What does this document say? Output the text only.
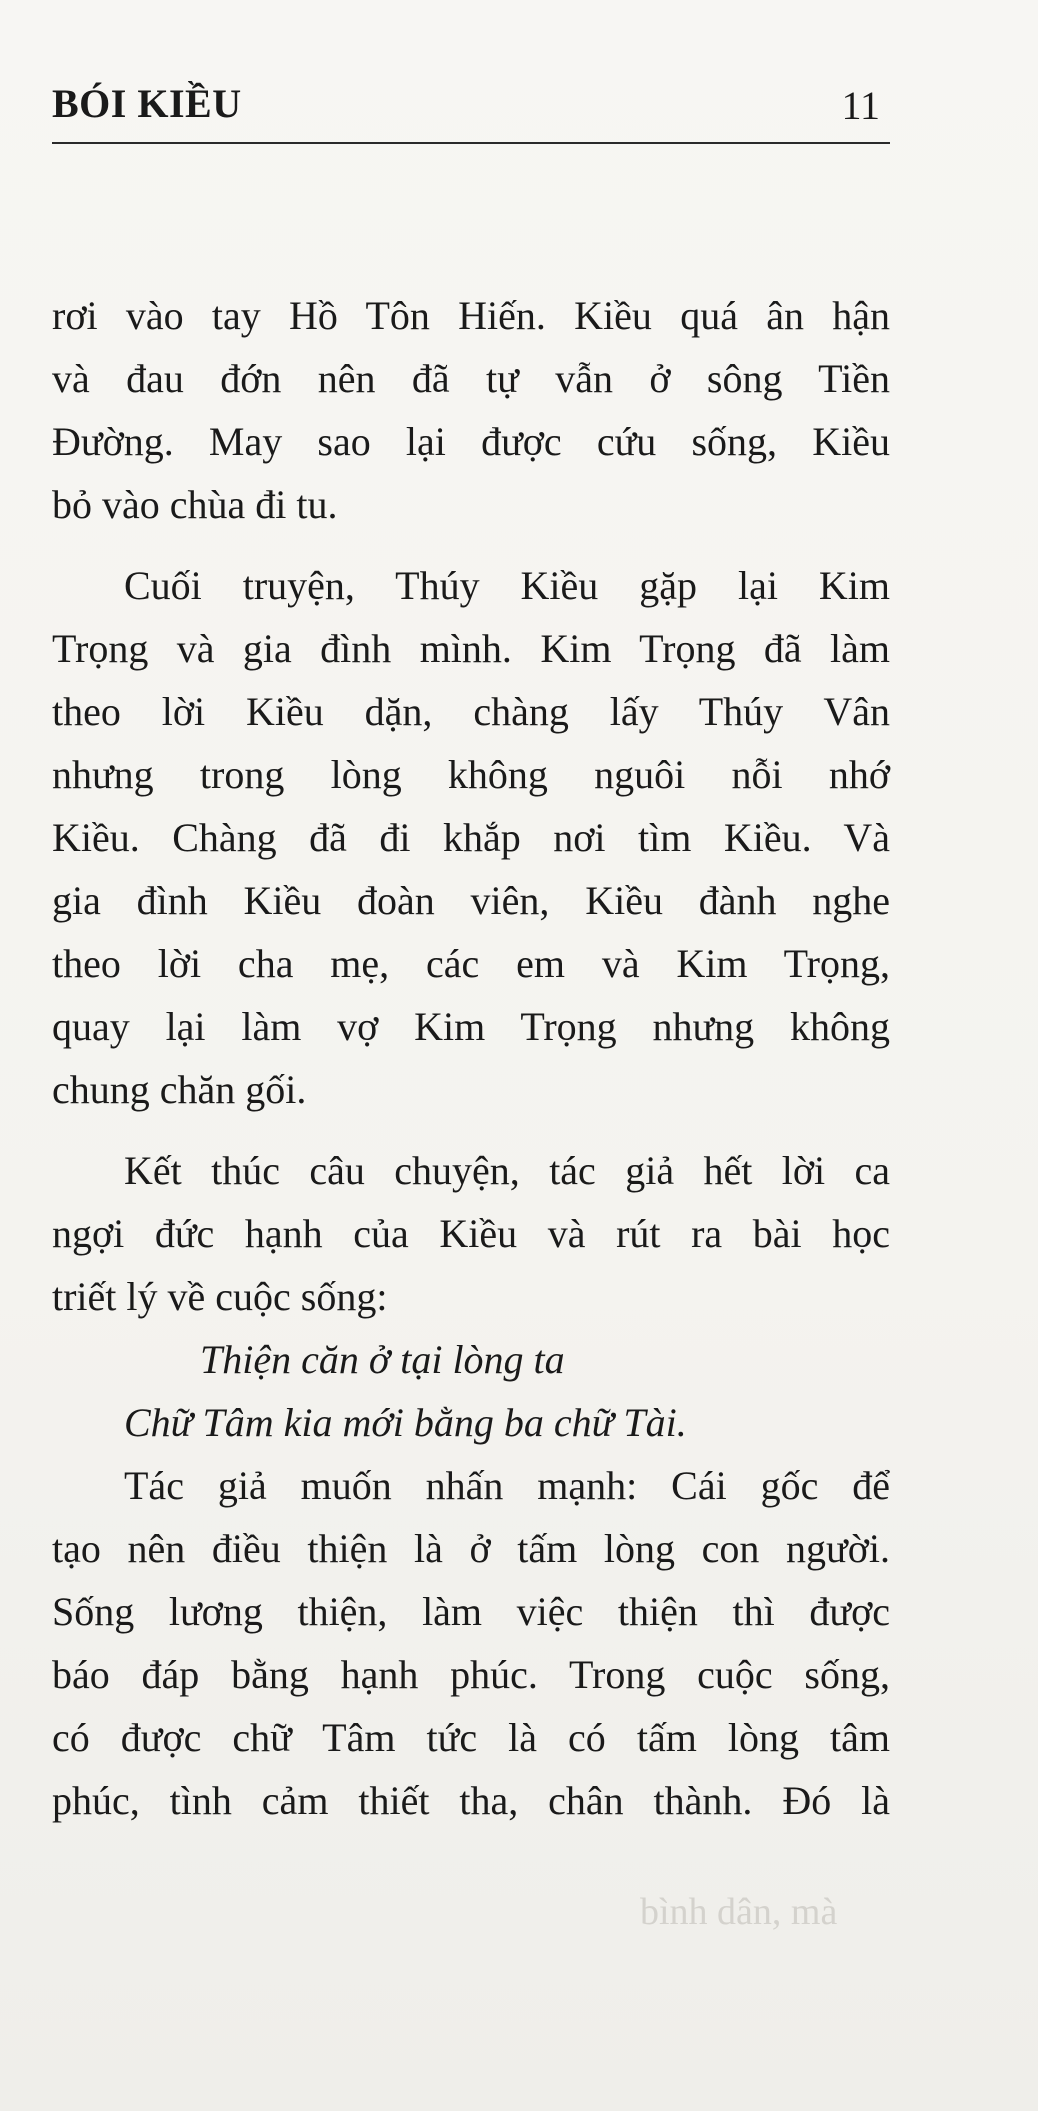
BÓI KIỀU	11
rơi vào tay Hồ Tôn Hiến. Kiều quá ân hận
và đau đớn nên đã tự vẫn ở sông Tiền
Đường. May sao lại được cứu sống, Kiều
bỏ vào chùa đi tu.
Cuối truyện, Thúy Kiều gặp lại Kim
Trọng và gia đình mình. Kim Trọng đã làm
theo lời Kiều dặn, chàng lấy Thúy Vân
nhưng trong lòng không nguôi nỗi nhớ
Kiều. Chàng đã đi khắp nơi tìm Kiều. Và
gia đình Kiều đoàn viên, Kiều đành nghe
theo lời cha mẹ, các em và Kim Trọng,
quay lại làm vợ Kim Trọng nhưng không
chung chăn gối.
Kết thúc câu chuyện, tác giả hết lời ca
ngợi đức hạnh của Kiều và rút ra bài học
triết lý về cuộc sống:
Thiện căn ở tại lòng ta
Chữ Tâm kia mới bằng ba chữ Tài.
Tác giả muốn nhấn mạnh: Cái gốc để
tạo nên điều thiện là ở tấm lòng con người.
Sống lương thiện, làm việc thiện thì được
báo đáp bằng hạnh phúc. Trong cuộc sống,
có được chữ Tâm tức là có tấm lòng tâm
phúc, tình cảm thiết tha, chân thành. Đó là
bình dân, mà
